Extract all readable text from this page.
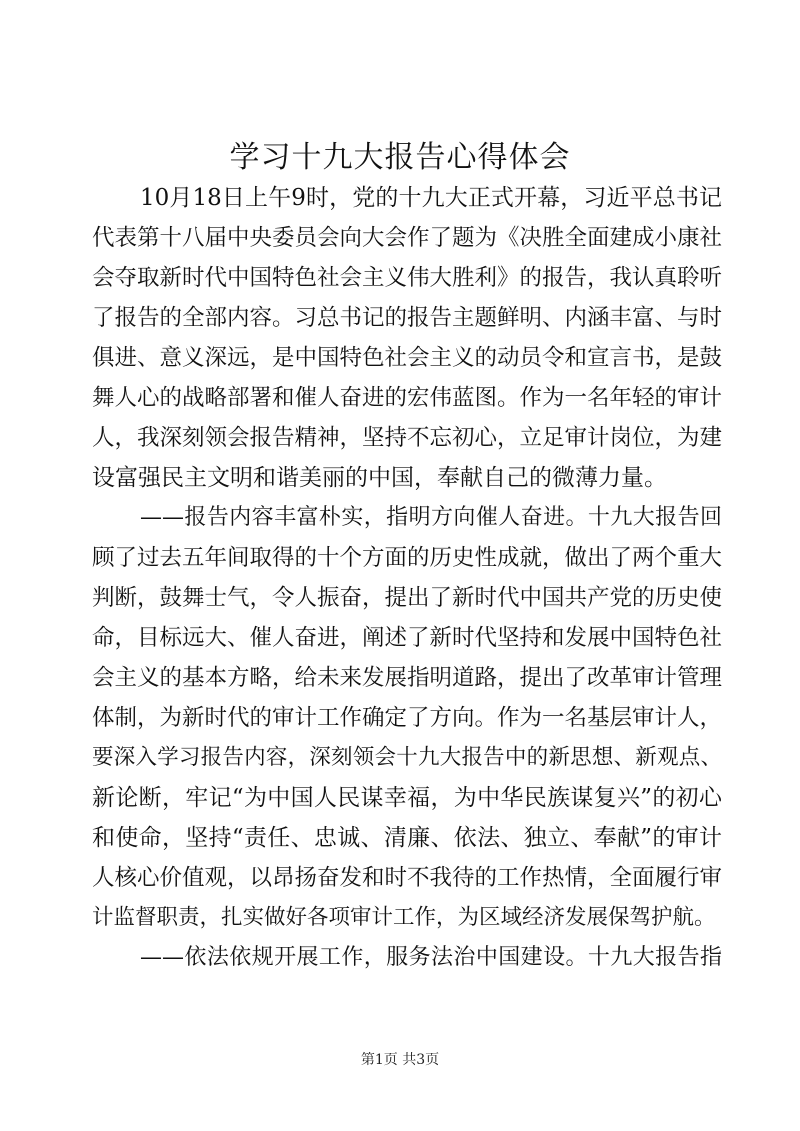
学习十九大报告心得体会
10月18日上午9时，党的十九大正式开幕，习近平总书记
代表第十八届中央委员会向大会作了题为《决胜全面建成小康社
会夺取新时代中国特色社会主义伟大胜利》的报告，我认真聆听
了报告的全部内容。习总书记的报告主题鲜明、内涵丰富、与时
俱进、意义深远，是中国特色社会主义的动员令和宣言书，是鼓
舞人心的战略部署和催人奋进的宏伟蓝图。作为一名年轻的审计
人，我深刻领会报告精神，坚持不忘初心，立足审计岗位，为建
设富强民主文明和谐美丽的中国，奉献自己的微薄力量。
——报告内容丰富朴实，指明方向催人奋进。十九大报告回
顾了过去五年间取得的十个方面的历史性成就，做出了两个重大
判断，鼓舞士气，令人振奋，提出了新时代中国共产党的历史使
命，目标远大、催人奋进，阐述了新时代坚持和发展中国特色社
会主义的基本方略，给未来发展指明道路，提出了改革审计管理
体制，为新时代的审计工作确定了方向。作为一名基层审计人，
要深入学习报告内容，深刻领会十九大报告中的新思想、新观点、
新论断，牢记“为中国人民谋幸福，为中华民族谋复兴”的初心
和使命，坚持“责任、忠诚、清廉、依法、独立、奉献”的审计
人核心价值观，以昂扬奋发和时不我待的工作热情，全面履行审
计监督职责，扎实做好各项审计工作，为区域经济发展保驾护航。
——依法依规开展工作，服务法治中国建设。十九大报告指
第1页 共3页
